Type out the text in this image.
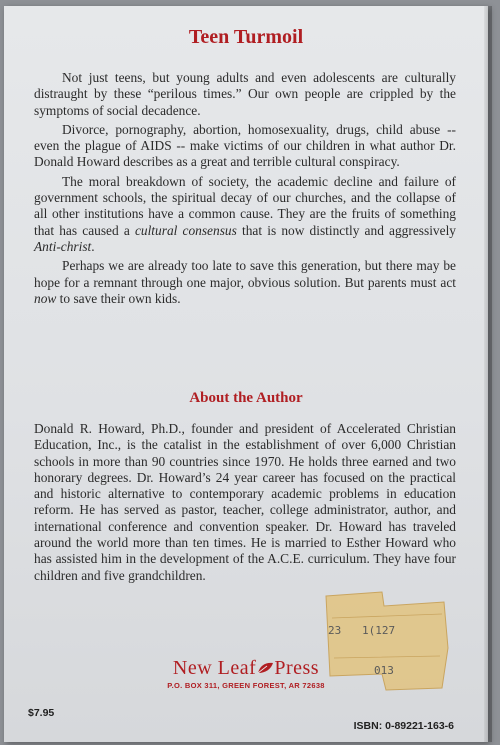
Teen Turmoil

Not just teens, but young adults and even adolescents are culturally distraught by these “perilous times.” Our own people are crippled by the symptoms of social decadence.

Divorce, pornography, abortion, homosexuality, drugs, child abuse -- even the plague of AIDS -- make victims of our children in what author Dr. Donald Howard describes as a great and terrible cultural conspiracy.

The moral breakdown of society, the academic decline and failure of government schools, the spiritual decay of our churches, and the collapse of all other institutions have a common cause. They are the fruits of something that has caused a cultural consensus that is now distinctly and aggressively Anti-christ.

Perhaps we are already too late to save this generation, but there may be hope for a remnant through one major, obvious solution. But parents must act now to save their own kids.

About the Author

Donald R. Howard, Ph.D., founder and president of Accelerated Christian Education, Inc., is the catalist in the establishment of over 6,000 Christian schools in more than 90 countries since 1970. He holds three earned and two honorary degrees. Dr. Howard’s 24 year career has focused on the practical and historic alternative to contemporary academic problems in education reform. He has served as pastor, teacher, college administrator, author, and international conference and convention speaker. Dr. Howard has traveled around the world more than ten times. He is married to Esther Howard who has assisted him in the development of the A.C.E. curriculum. They have four children and five grandchildren.

23 1(127
013
New Leaf Press
P.O. BOX 311, GREEN FOREST, AR 72638
$7.95
ISBN: 0-89221-163-6
